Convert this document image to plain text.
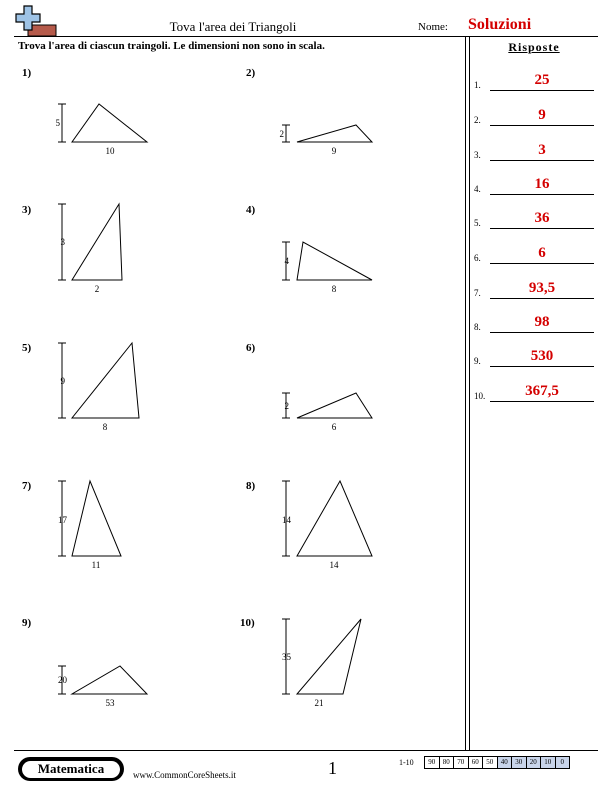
Tova l'area dei Triangoli	Nome: Soluzioni
Trova l'area di ciascun traingoli. Le dimensioni non sono in scala.	Risposte
1)	2)
3)	4)
5)	6)
7)	8)
9)	10)
5
10
2
9
3
2
4
8
9
8
2
6
17
11
14
14
20
53
35
21
1.	25
2.	9
3.	3
4.	16
5.	36
6.	6
7.	93,5
8.	98
9.	530
10.	367,5
Matematica	www.CommonCoreSheets.it	1	1-10	90	80	70	60	50	40	30	20	10	0
